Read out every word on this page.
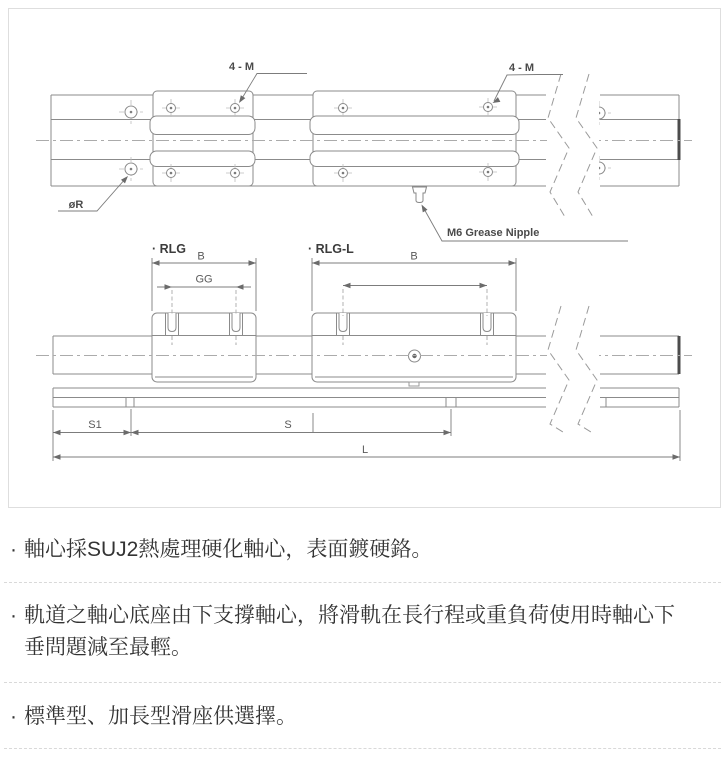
4 - M	4 - M
øR
M6 Grease Nipple
· RLG	· RLG-L
B
GG
B
S1	S
L
· 軸心採SUJ2熱處理硬化軸心，表面鍍硬鉻。
· 軌道之軸心底座由下支撐軸心，將滑軌在長行程或重負荷使用時軸心下垂問題減至最輕。
· 標準型、加長型滑座供選擇。
